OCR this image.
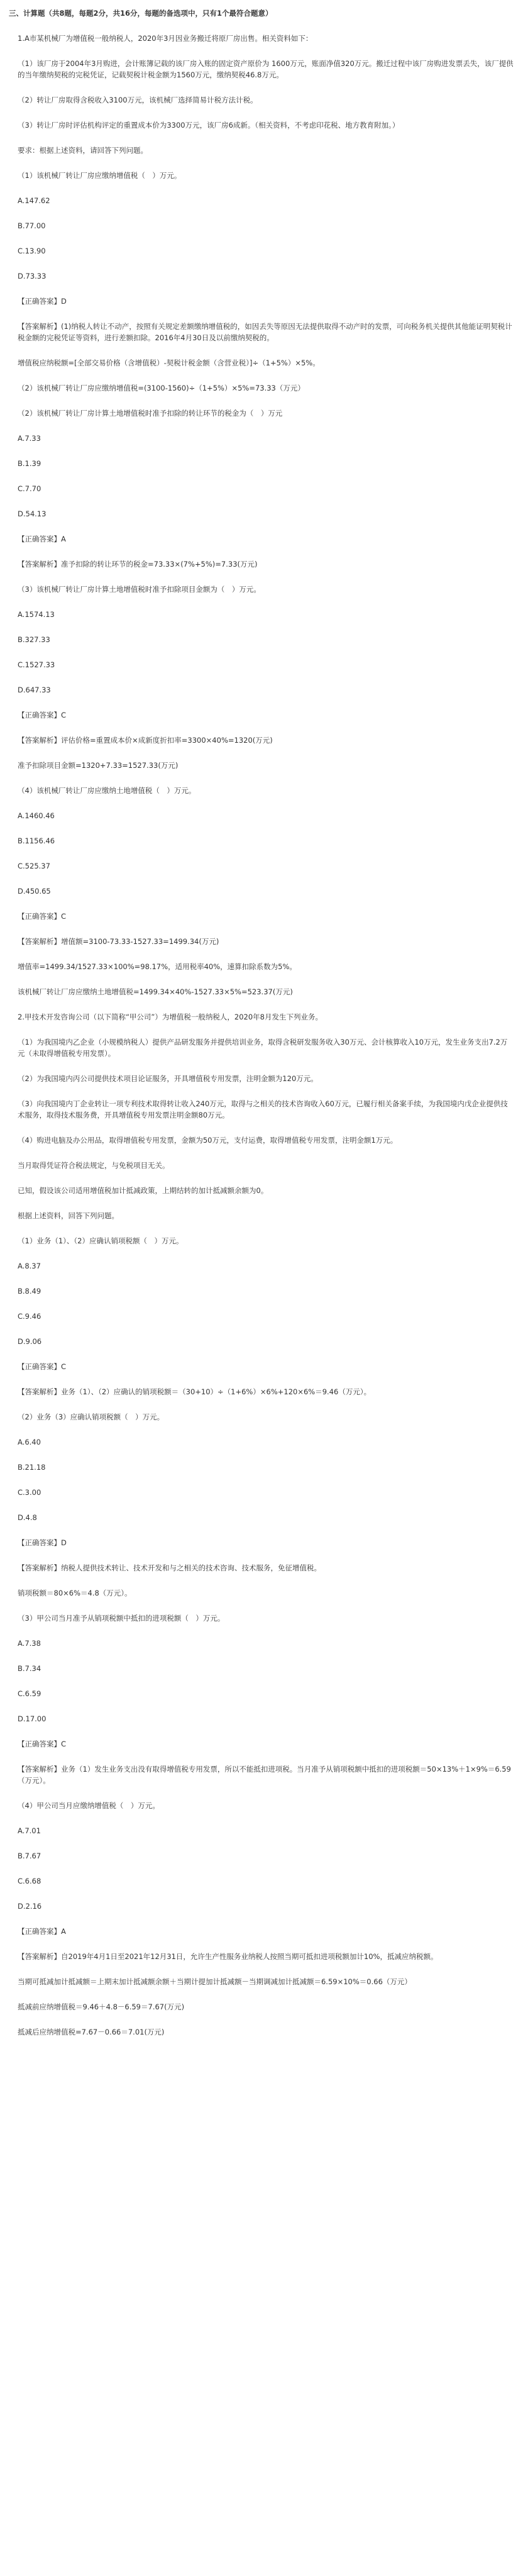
三、计算题（共8题，每题2分，共16分，每题的备选项中，只有1个最符合题意）
1.A市某机械厂为增值税一般纳税人，2020年3月因业务搬迁将原厂房出售。相关资料如下：
（1）该厂房于2004年3月购进，会计账簿记载的该厂房入账的固定资产原价为 1600万元，账面净值320万元。搬迁过程中该厂房购进发票丢失，该厂提供的当年缴纳契税的完税凭证，记载契税计税金额为1560万元，缴纳契税46.8万元。
（2）转让厂房取得含税收入3100万元，该机械厂选择简易计税方法计税。
（3）转让厂房时评估机构评定的重置成本价为3300万元，该厂房6成新。（相关资料，不考虑印花税、地方教育附加。）
要求：根据上述资料，请回答下列问题。
（1）该机械厂转让厂房应缴纳增值税（　）万元。
A.147.62
B.77.00
C.13.90
D.73.33
【正确答案】D
【答案解析】(1)纳税人转让不动产，按照有关规定差额缴纳增值税的，如因丢失等原因无法提供取得不动产时的发票，可向税务机关提供其他能证明契税计税金额的完税凭证等资料，进行差额扣除。2016年4月30日及以前缴纳契税的。
增值税应纳税额=[全部交易价格（含增值税）-契税计税金额（含营业税）]÷（1+5%）×5%。
（2）该机械厂转让厂房应缴纳增值税=(3100-1560)÷（1+5%）×5%=73.33（万元）
（2）该机械厂转让厂房计算土地增值税时准予扣除的转让环节的税金为（　）万元
A.7.33
B.1.39
C.7.70
D.54.13
【正确答案】A
【答案解析】准予扣除的转让环节的税金=73.33×(7%+5%)=7.33(万元)
（3）该机械厂转让厂房计算土地增值税时准予扣除项目金额为（　）万元。
A.1574.13
B.327.33
C.1527.33
D.647.33
【正确答案】C
【答案解析】评估价格=重置成本价×成新度折扣率=3300×40%=1320(万元)
准予扣除项目金额=1320+7.33=1527.33(万元)
（4）该机械厂转让厂房应缴纳土地增值税（　）万元。
A.1460.46
B.1156.46
C.525.37
D.450.65
【正确答案】C
【答案解析】增值额=3100-73.33-1527.33=1499.34(万元)
增值率=1499.34/1527.33×100%=98.17%，适用税率40%，速算扣除系数为5%。
该机械厂转让厂房应缴纳土地增值税=1499.34×40%-1527.33×5%=523.37(万元)
2.甲技术开发咨询公司（以下简称“甲公司”）为增值税一般纳税人，2020年8月发生下列业务。
（1）为我国境内乙企业（小规模纳税人）提供产品研发服务并提供培训业务，取得含税研发服务收入30万元、会计核算收入10万元，发生业务支出7.2万元（未取得增值税专用发票）。
（2）为我国境内丙公司提供技术项目论证服务，开具增值税专用发票，注明金额为120万元。
（3）向我国境内丁企业转让一项专利技术取得转让收入240万元，取得与之相关的技术咨询收入60万元，已履行相关备案手续，为我国境内戊企业提供技术服务，取得技术服务费，开具增值税专用发票注明金额80万元。
（4）购进电脑及办公用品，取得增值税专用发票，金额为50万元，支付运费，取得增值税专用发票，注明金额1万元。
当月取得凭证符合税法规定，与免税项目无关。
已知，假设该公司适用增值税加计抵减政策，上期结转的加计抵减额余额为0。
根据上述资料，回答下列问题。
（1）业务（1）、（2）应确认销项税额（　）万元。
A.8.37
B.8.49
C.9.46
D.9.06
【正确答案】C
【答案解析】业务（1）、（2）应确认的销项税额＝（30+10）÷（1+6%）×6%+120×6%＝9.46（万元）。
（2）业务（3）应确认销项税额（　）万元。
A.6.40
B.21.18
C.3.00
D.4.8
【正确答案】D
【答案解析】纳税人提供技术转让、技术开发和与之相关的技术咨询、技术服务，免征增值税。
销项税额＝80×6%＝4.8（万元）。
（3）甲公司当月准予从销项税额中抵扣的进项税额（　）万元。
A.7.38
B.7.34
C.6.59
D.17.00
【正确答案】C
【答案解析】业务（1）发生业务支出没有取得增值税专用发票，所以不能抵扣进项税。当月准予从销项税额中抵扣的进项税额＝50×13%＋1×9%＝6.59（万元）。
（4）甲公司当月应缴纳增值税（　）万元。
A.7.01
B.7.67
C.6.68
D.2.16
【正确答案】A
【答案解析】自2019年4月1日至2021年12月31日，允许生产性服务业纳税人按照当期可抵扣进项税额加计10%，抵减应纳税额。
当期可抵减加计抵减额＝上期末加计抵减额余额＋当期计提加计抵减额－当期调减加计抵减额＝6.59×10%＝0.66（万元）
抵减前应纳增值税＝9.46＋4.8－6.59＝7.67(万元)
抵减后应纳增值税=7.67－0.66＝7.01(万元)
